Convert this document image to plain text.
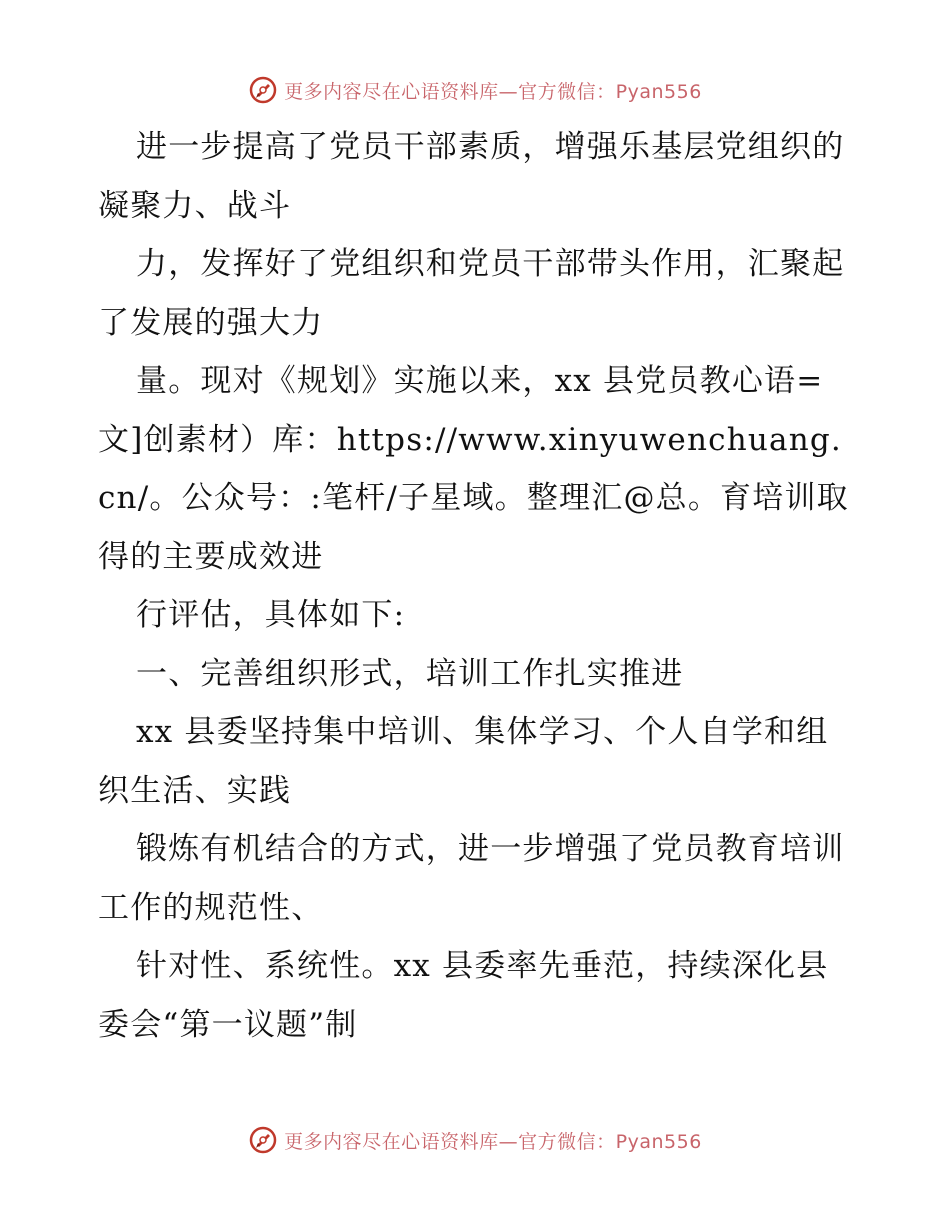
更多内容尽在心语资料库—官方微信：Pyan556

进一步提高了党员干部素质，增强乐基层党组织的凝聚力、战斗

力，发挥好了党组织和党员干部带头作用，汇聚起了发展的强大力

量。现对《规划》实施以来，xx 县党员教心语=文]创素材）库：https://www.xinyuwenchuang.cn/。公众号：:笔杆/子星域。整理汇@总。育培训取得的主要成效进

行评估，具体如下:

一、完善组织形式，培训工作扎实推进

xx 县委坚持集中培训、集体学习、个人自学和组织生活、实践

锻炼有机结合的方式，进一步增强了党员教育培训工作的规范性、

针对性、系统性。xx 县委率先垂范，持续深化县委会“第一议题”制

更多内容尽在心语资料库—官方微信：Pyan556
